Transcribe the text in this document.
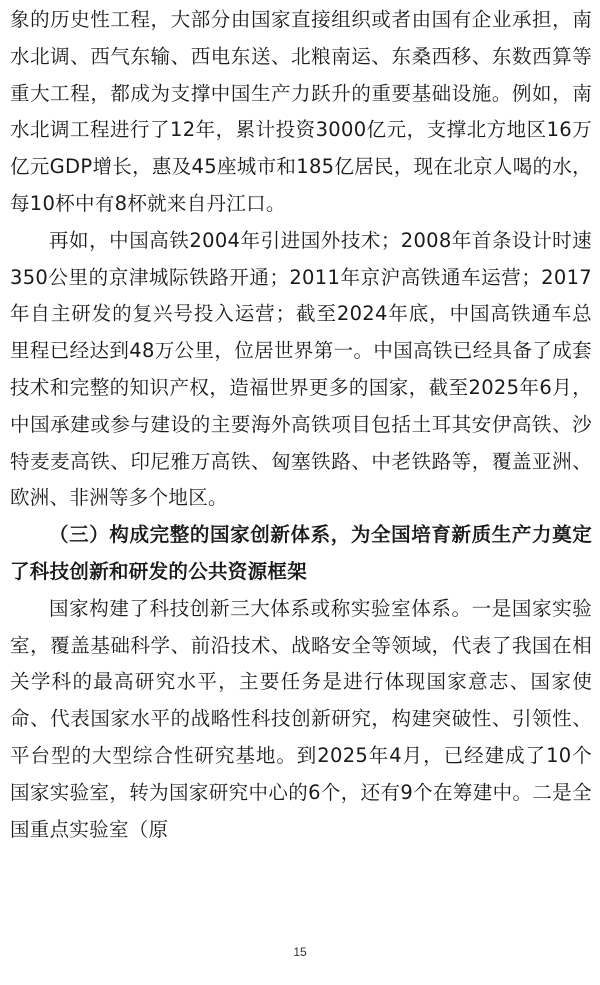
象的历史性工程，大部分由国家直接组织或者由国有企业承担，南水北调、西气东输、西电东送、北粮南运、东桑西移、东数西算等重大工程，都成为支撑中国生产力跃升的重要基础设施。例如，南水北调工程进行了12年，累计投资3000亿元，支撑北方地区16万亿元GDP增长，惠及45座城市和185亿居民，现在北京人喝的水，每10杯中有8杯就来自丹江口。

再如，中国高铁2004年引进国外技术；2008年首条设计时速350公里的京津城际铁路开通；2011年京沪高铁通车运营；2017年自主研发的复兴号投入运营；截至2024年底，中国高铁通车总里程已经达到48万公里，位居世界第一。中国高铁已经具备了成套技术和完整的知识产权，造福世界更多的国家，截至2025年6月，中国承建或参与建设的主要海外高铁项目包括土耳其安伊高铁、沙特麦麦高铁、印尼雅万高铁、匈塞铁路、中老铁路等，覆盖亚洲、欧洲、非洲等多个地区。

（三）构成完整的国家创新体系，为全国培育新质生产力奠定了科技创新和研发的公共资源框架

国家构建了科技创新三大体系或称实验室体系。一是国家实验室，覆盖基础科学、前沿技术、战略安全等领域，代表了我国在相关学科的最高研究水平，主要任务是进行体现国家意志、国家使命、代表国家水平的战略性科技创新研究，构建突破性、引领性、平台型的大型综合性研究基地。到2025年4月，已经建成了10个国家实验室，转为国家研究中心的6个，还有9个在筹建中。二是全国重点实验室（原

15
